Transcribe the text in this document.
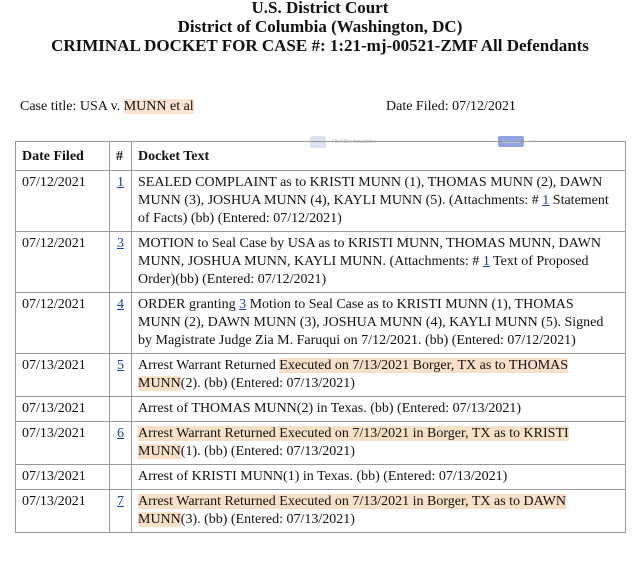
U.S. District Court
District of Columbia (Washington, DC)
CRIMINAL DOCKET FOR CASE #: 1:21-mj-00521-ZMF All Defendants
Case title: USA v. MUNN et al	Date Filed: 07/12/2021
File411's Newsletter	Subscribe	⌄
Date Filed	#	Docket Text
07/12/2021	1	SEALED COMPLAINT as to KRISTI MUNN (1), THOMAS MUNN (2), DAWN MUNN (3), JOSHUA MUNN (4), KAYLI MUNN (5). (Attachments: # 1 Statement of Facts) (bb) (Entered: 07/12/2021)
07/12/2021	3	MOTION to Seal Case by USA as to KRISTI MUNN, THOMAS MUNN, DAWN MUNN, JOSHUA MUNN, KAYLI MUNN. (Attachments: # 1 Text of Proposed Order)(bb) (Entered: 07/12/2021)
07/12/2021	4	ORDER granting 3 Motion to Seal Case as to KRISTI MUNN (1), THOMAS MUNN (2), DAWN MUNN (3), JOSHUA MUNN (4), KAYLI MUNN (5). Signed by Magistrate Judge Zia M. Faruqui on 7/12/2021. (bb) (Entered: 07/12/2021)
07/13/2021	5	Arrest Warrant Returned Executed on 7/13/2021 Borger, TX as to THOMAS MUNN(2). (bb) (Entered: 07/13/2021)
07/13/2021		Arrest of THOMAS MUNN(2) in Texas. (bb) (Entered: 07/13/2021)
07/13/2021	6	Arrest Warrant Returned Executed on 7/13/2021 in Borger, TX as to KRISTI MUNN(1). (bb) (Entered: 07/13/2021)
07/13/2021		Arrest of KRISTI MUNN(1) in Texas. (bb) (Entered: 07/13/2021)
07/13/2021	7	Arrest Warrant Returned Executed on 7/13/2021 in Borger, TX as to DAWN MUNN(3). (bb) (Entered: 07/13/2021)
